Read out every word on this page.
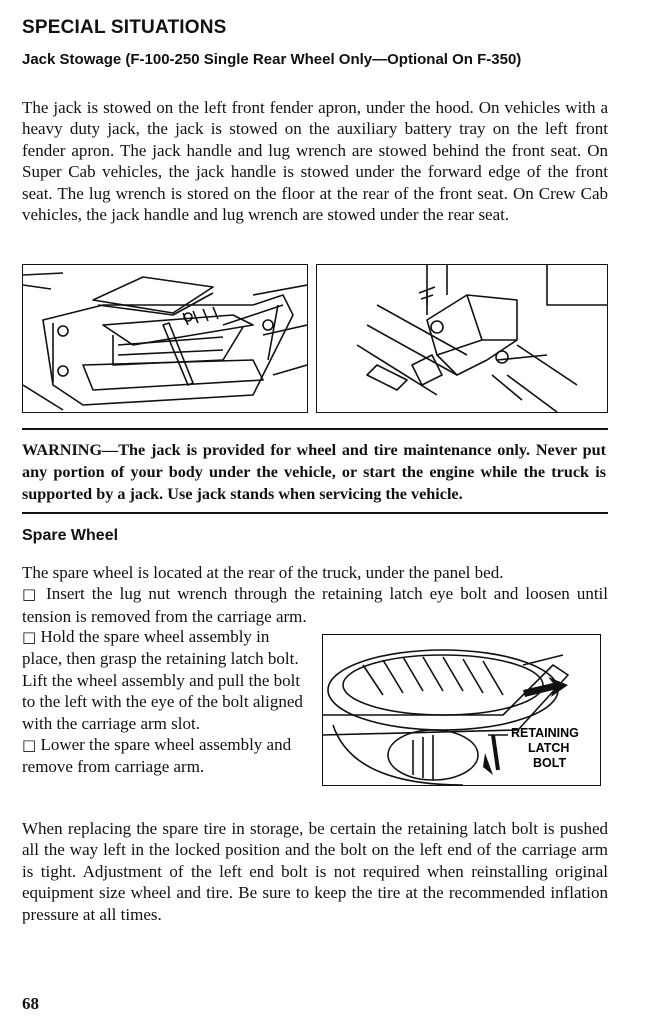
SPECIAL SITUATIONS
Jack Stowage (F-100-250 Single Rear Wheel Only—Optional On F-350)

The jack is stowed on the left front fender apron, under the hood. On vehicles with a heavy duty jack, the jack is stowed on the auxiliary battery tray on the left front fender apron. The jack handle and lug wrench are stowed behind the front seat. On Super Cab vehicles, the jack handle is stowed under the forward edge of the front seat. The lug wrench is stored on the floor at the rear of the front seat. On Crew Cab vehicles, the jack handle and lug wrench are stowed under the rear seat.

WARNING—The jack is provided for wheel and tire maintenance only. Never put any portion of your body under the vehicle, or start the engine while the truck is supported by a jack. Use jack stands when servicing the vehicle.

Spare Wheel

The spare wheel is located at the rear of the truck, under the panel bed.
□ Insert the lug nut wrench through the retaining latch eye bolt and loosen until tension is removed from the carriage arm.

□ Hold the spare wheel assembly in place, then grasp the retaining latch bolt. Lift the wheel assembly and pull the bolt to the left with the eye of the bolt aligned with the carriage arm slot.
□ Lower the spare wheel assembly and remove from carriage arm.

RETAINING
LATCH
BOLT

When replacing the spare tire in storage, be certain the retaining latch bolt is pushed all the way left in the locked position and the bolt on the left end of the carriage arm is tight. Adjustment of the left end bolt is not required when reinstalling original equipment size wheel and tire. Be sure to keep the tire at the recommended inflation pressure at all times.

68
